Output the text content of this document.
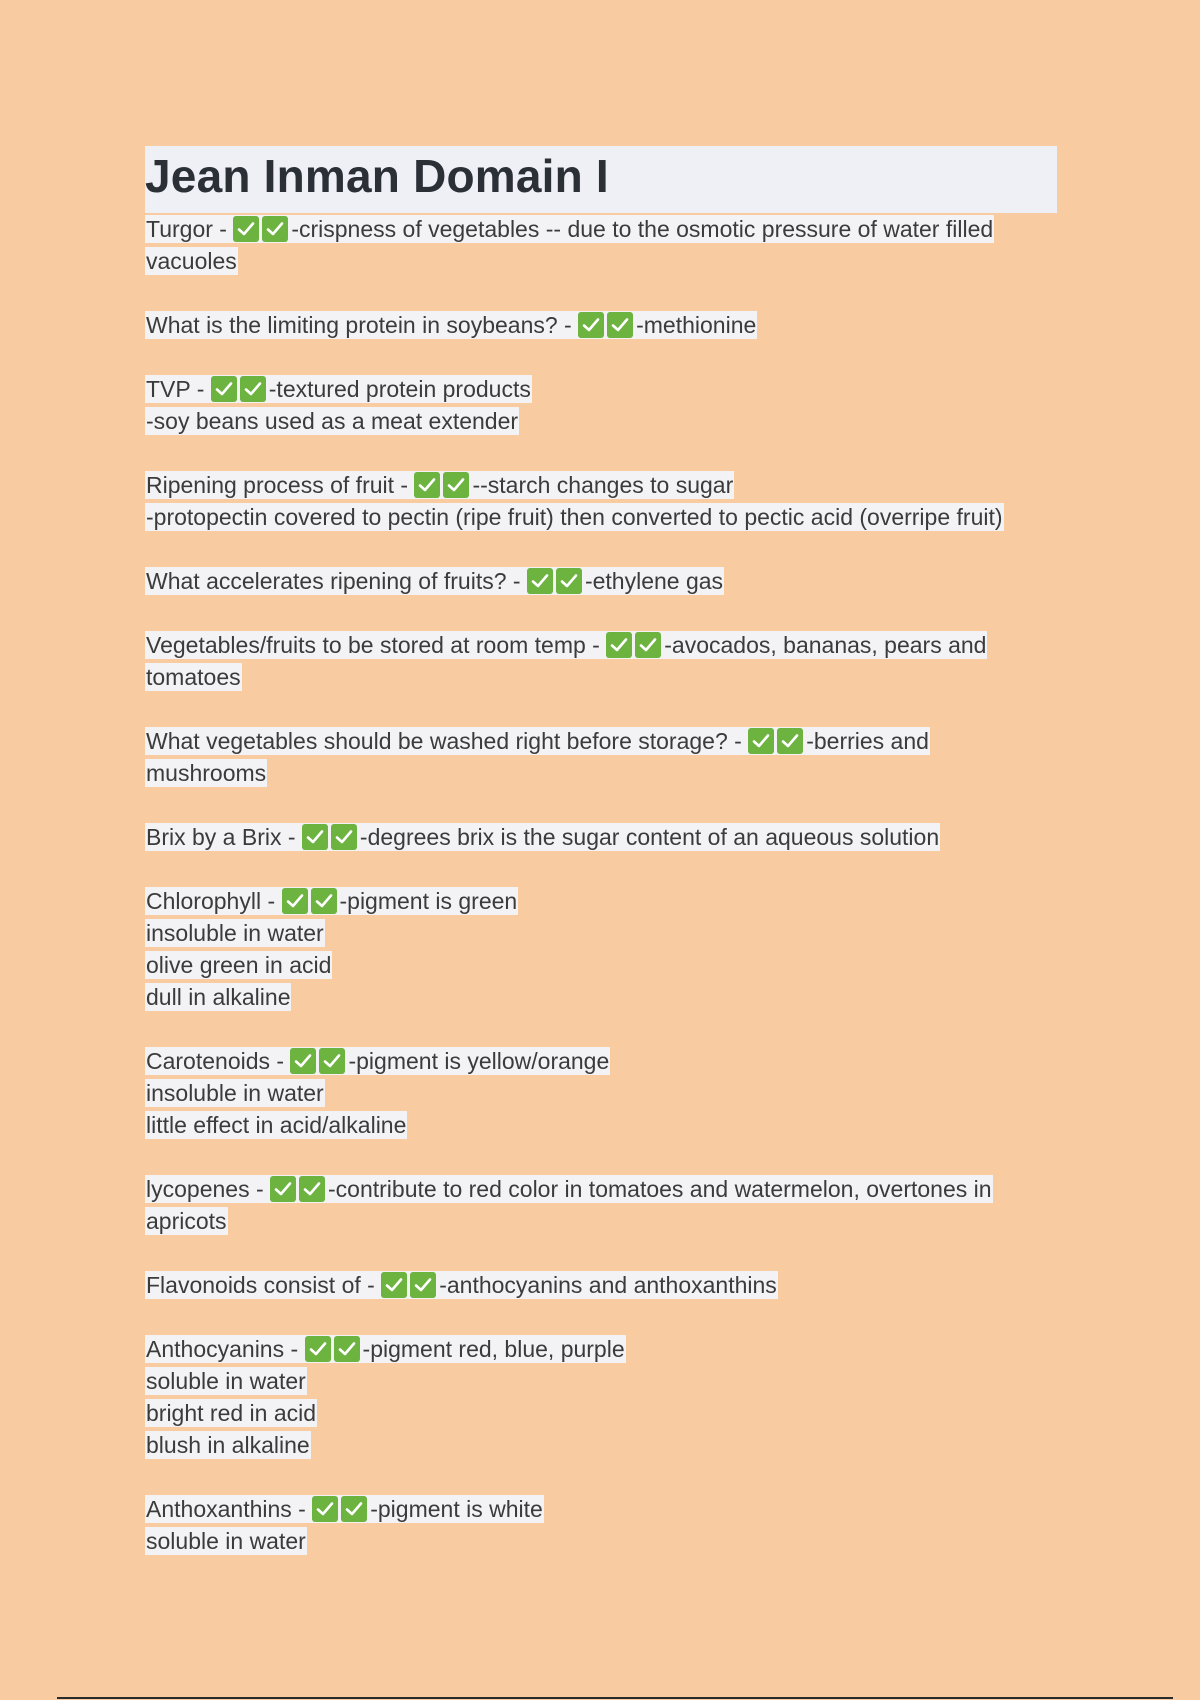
Jean Inman Domain I
Turgor -	-crispness of vegetables -- due to the osmotic pressure of water filled
vacuoles
What is the limiting protein in soybeans? -	-methionine
TVP -	-textured protein products
-soy beans used as a meat extender
Ripening process of fruit -	--starch changes to sugar
-protopectin covered to pectin (ripe fruit) then converted to pectic acid (overripe fruit)
What accelerates ripening of fruits? -	-ethylene gas
Vegetables/fruits to be stored at room temp -	-avocados, bananas, pears and
tomatoes
What vegetables should be washed right before storage? -	-berries and
mushrooms
Brix by a Brix -	-degrees brix is the sugar content of an aqueous solution
Chlorophyll -	-pigment is green
insoluble in water
olive green in acid
dull in alkaline
Carotenoids -	-pigment is yellow/orange
insoluble in water
little effect in acid/alkaline
lycopenes -	-contribute to red color in tomatoes and watermelon, overtones in
apricots
Flavonoids consist of -	-anthocyanins and anthoxanthins
Anthocyanins -	-pigment red, blue, purple
soluble in water
bright red in acid
blush in alkaline
Anthoxanthins -	-pigment is white
soluble in water
